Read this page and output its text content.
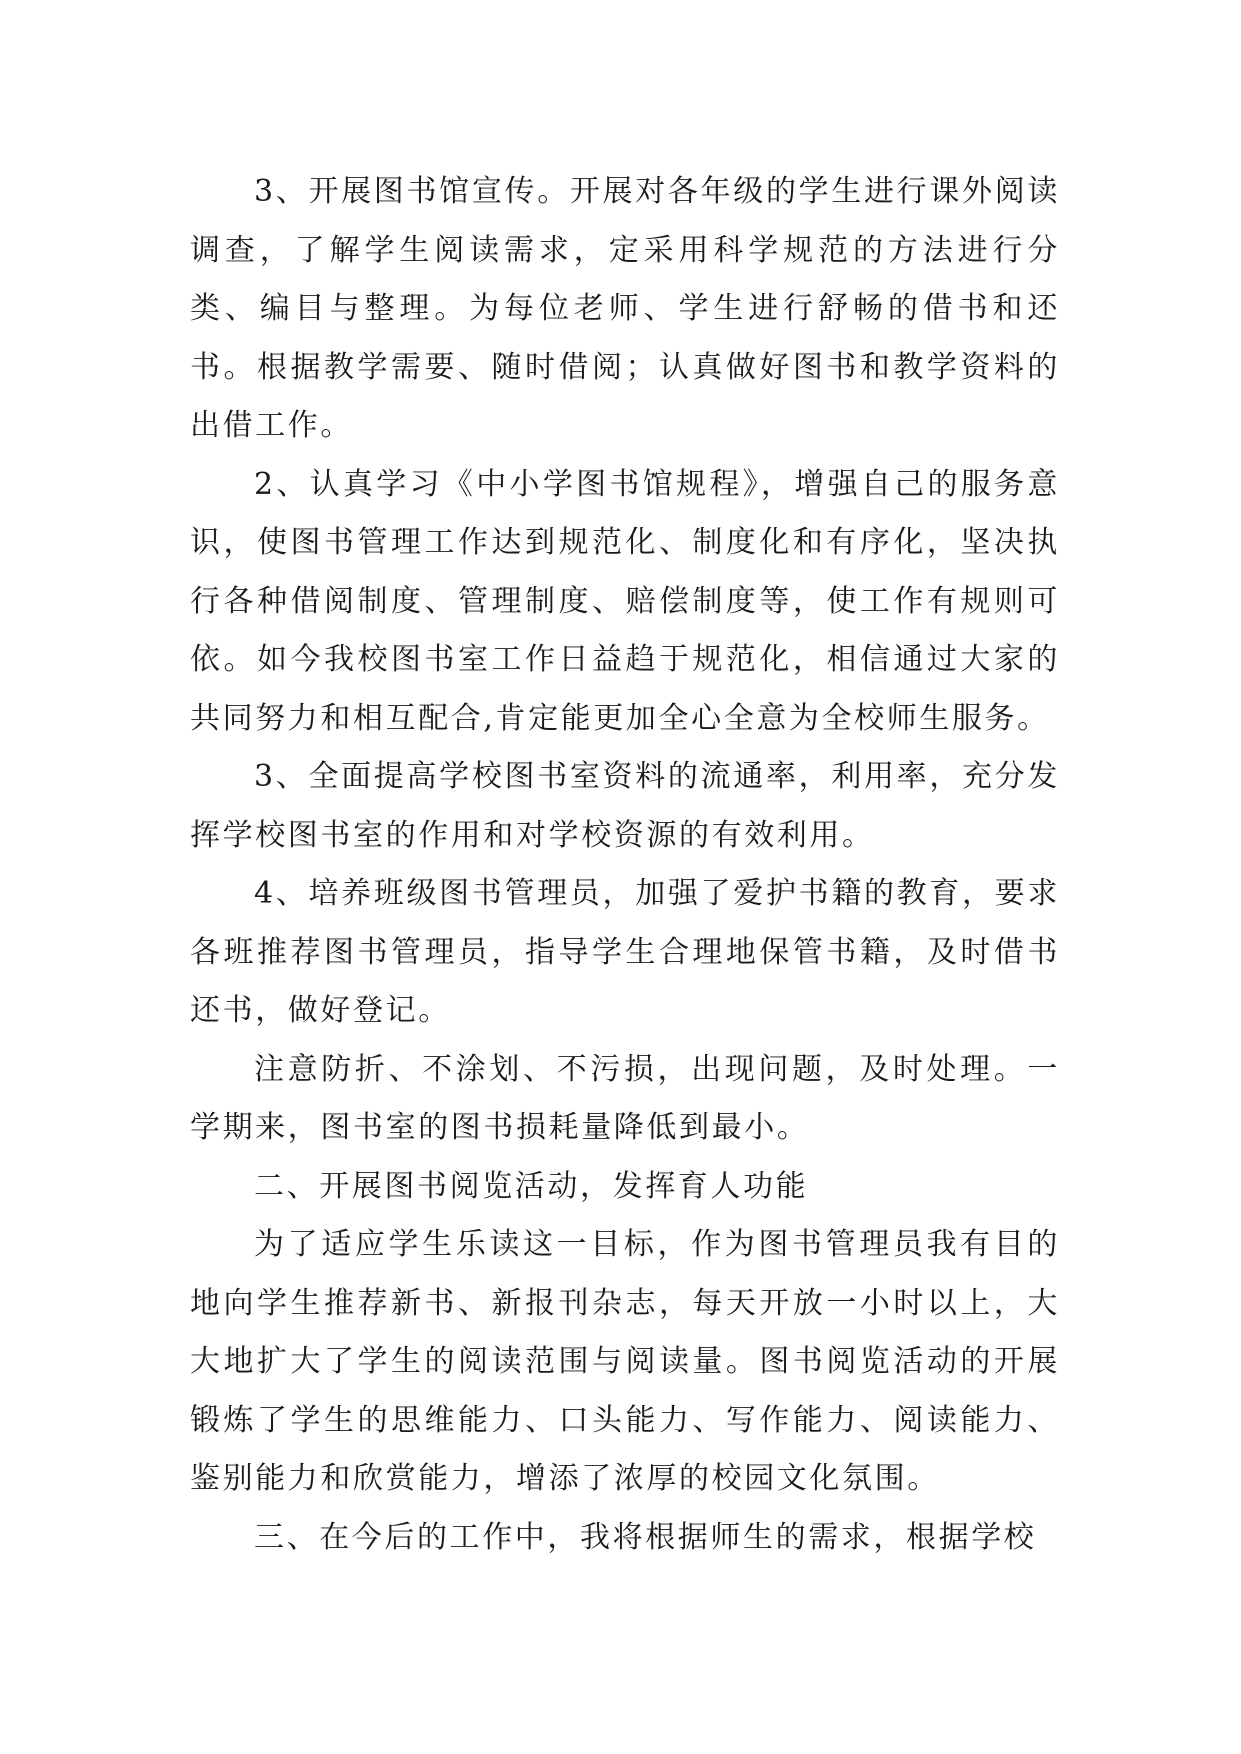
3、开展图书馆宣传。开展对各年级的学生进行课外阅读调查，了解学生阅读需求，定采用科学规范的方法进行分类、编目与整理。为每位老师、学生进行舒畅的借书和还书。根据教学需要、随时借阅；认真做好图书和教学资料的出借工作。

2、认真学习《中小学图书馆规程》，增强自己的服务意识，使图书管理工作达到规范化、制度化和有序化，坚决执行各种借阅制度、管理制度、赔偿制度等，使工作有规则可依。如今我校图书室工作日益趋于规范化，相信通过大家的共同努力和相互配合,肯定能更加全心全意为全校师生服务。

3、全面提高学校图书室资料的流通率，利用率，充分发挥学校图书室的作用和对学校资源的有效利用。

4、培养班级图书管理员，加强了爱护书籍的教育，要求各班推荐图书管理员，指导学生合理地保管书籍，及时借书还书，做好登记。

注意防折、不涂划、不污损，出现问题，及时处理。一学期来，图书室的图书损耗量降低到最小。

二、开展图书阅览活动，发挥育人功能

为了适应学生乐读这一目标，作为图书管理员我有目的地向学生推荐新书、新报刊杂志，每天开放一小时以上，大大地扩大了学生的阅读范围与阅读量。图书阅览活动的开展锻炼了学生的思维能力、口头能力、写作能力、阅读能力、鉴别能力和欣赏能力，增添了浓厚的校园文化氛围。

三、在今后的工作中，我将根据师生的需求，根据学校
